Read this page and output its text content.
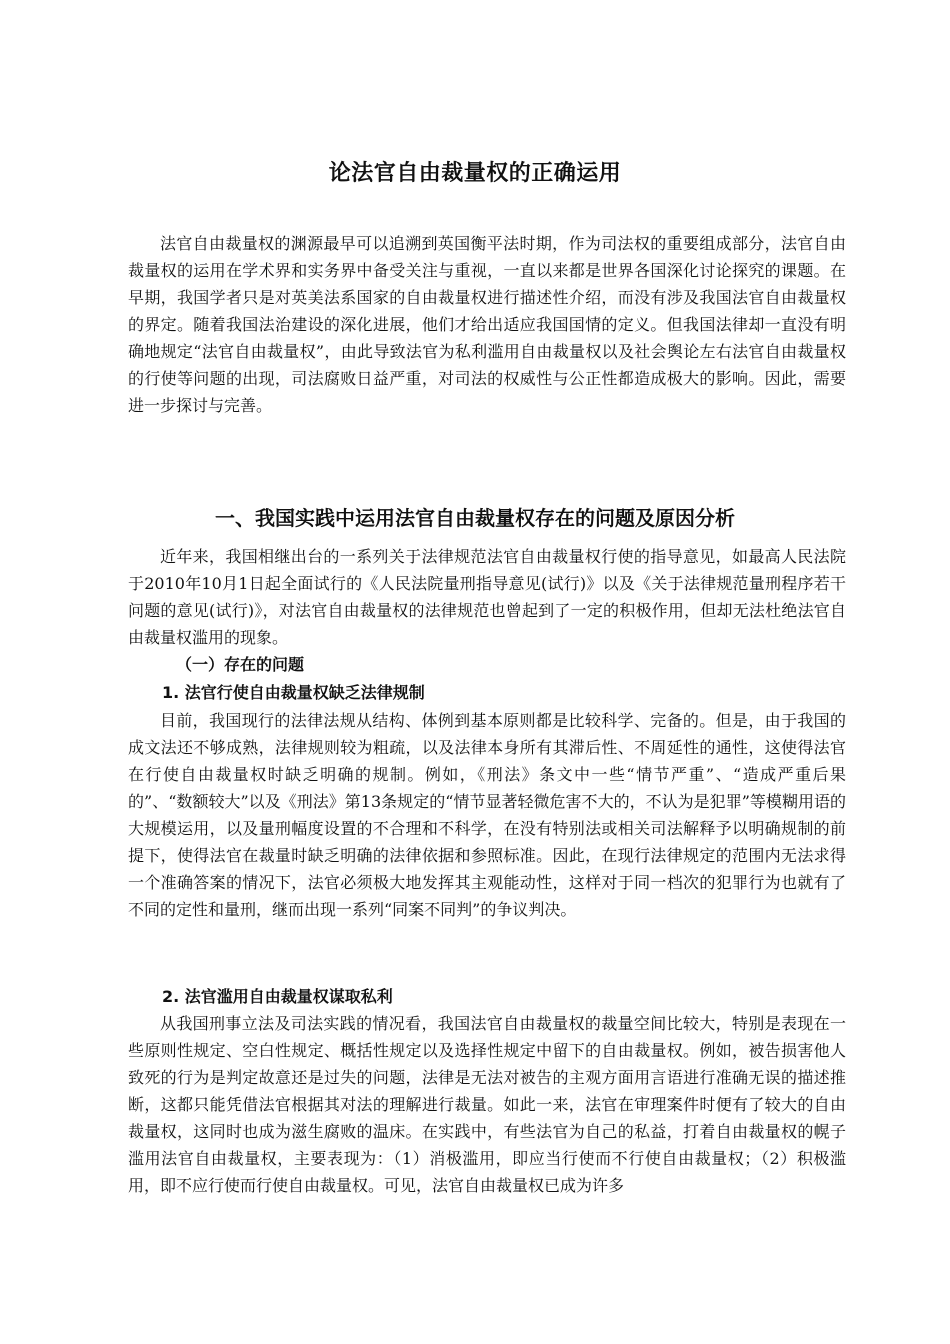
论法官自由裁量权的正确运用

法官自由裁量权的渊源最早可以追溯到英国衡平法时期，作为司法权的重要组成部分，法官自由裁量权的运用在学术界和实务界中备受关注与重视，一直以来都是世界各国深化讨论探究的课题。在早期，我国学者只是对英美法系国家的自由裁量权进行描述性介绍，而没有涉及我国法官自由裁量权的界定。随着我国法治建设的深化进展，他们才给出适应我国国情的定义。但我国法律却一直没有明确地规定“法官自由裁量权”，由此导致法官为私利滥用自由裁量权以及社会舆论左右法官自由裁量权的行使等问题的出现，司法腐败日益严重，对司法的权威性与公正性都造成极大的影响。因此，需要进一步探讨与完善。

一、我国实践中运用法官自由裁量权存在的问题及原因分析

近年来，我国相继出台的一系列关于法律规范法官自由裁量权行使的指导意见，如最高人民法院于2010年10月1日起全面试行的《人民法院量刑指导意见(试行)》以及《关于法律规范量刑程序若干问题的意见(试行)》，对法官自由裁量权的法律规范也曾起到了一定的积极作用，但却无法杜绝法官自由裁量权滥用的现象。

（一）存在的问题
1. 法官行使自由裁量权缺乏法律规制

目前，我国现行的法律法规从结构、体例到基本原则都是比较科学、完备的。但是，由于我国的成文法还不够成熟，法律规则较为粗疏，以及法律本身所有其滞后性、不周延性的通性，这使得法官在行使自由裁量权时缺乏明确的规制。例如，《刑法》条文中一些“情节严重”、“造成严重后果的”、“数额较大”以及《刑法》第13条规定的“情节显著轻微危害不大的，不认为是犯罪”等模糊用语的大规模运用，以及量刑幅度设置的不合理和不科学，在没有特别法或相关司法解释予以明确规制的前提下，使得法官在裁量时缺乏明确的法律依据和参照标准。因此，在现行法律规定的范围内无法求得一个准确答案的情况下，法官必须极大地发挥其主观能动性，这样对于同一档次的犯罪行为也就有了不同的定性和量刑，继而出现一系列“同案不同判”的争议判决。

2. 法官滥用自由裁量权谋取私利

从我国刑事立法及司法实践的情况看，我国法官自由裁量权的裁量空间比较大，特别是表现在一些原则性规定、空白性规定、概括性规定以及选择性规定中留下的自由裁量权。例如，被告损害他人致死的行为是判定故意还是过失的问题，法律是无法对被告的主观方面用言语进行准确无误的描述推断，这都只能凭借法官根据其对法的理解进行裁量。如此一来，法官在审理案件时便有了较大的自由裁量权，这同时也成为滋生腐败的温床。在实践中，有些法官为自己的私益，打着自由裁量权的幌子滥用法官自由裁量权，主要表现为：（1）消极滥用，即应当行使而不行使自由裁量权；（2）积极滥用，即不应行使而行使自由裁量权。可见，法官自由裁量权已成为许多
